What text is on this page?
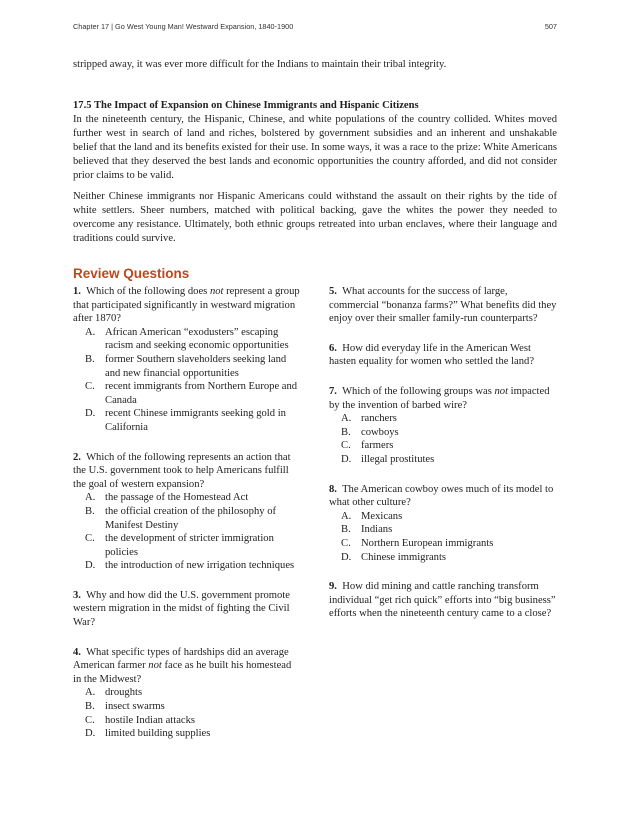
Chapter 17 | Go West Young Man! Westward Expansion, 1840-1900	507

stripped away, it was ever more difficult for the Indians to maintain their tribal integrity.

17.5 The Impact of Expansion on Chinese Immigrants and Hispanic Citizens

In the nineteenth century, the Hispanic, Chinese, and white populations of the country collided. Whites moved further west in search of land and riches, bolstered by government subsidies and an inherent and unshakable belief that the land and its benefits existed for their use. In some ways, it was a race to the prize: White Americans believed that they deserved the best lands and economic opportunities the country afforded, and did not consider prior claims to be valid.

Neither Chinese immigrants nor Hispanic Americans could withstand the assault on their rights by the tide of white settlers. Sheer numbers, matched with political backing, gave the whites the power they needed to overcome any resistance. Ultimately, both ethnic groups retreated into urban enclaves, where their language and traditions could survive.

Review Questions

1. Which of the following does not represent a group that participated significantly in westward migration after 1870?

A. African American “exodusters” escaping racism and seeking economic opportunities
B. former Southern slaveholders seeking land and new financial opportunities
C. recent immigrants from Northern Europe and Canada
D. recent Chinese immigrants seeking gold in California

2. Which of the following represents an action that the U.S. government took to help Americans fulfill the goal of western expansion?

A. the passage of the Homestead Act
B. the official creation of the philosophy of Manifest Destiny
C. the development of stricter immigration policies
D. the introduction of new irrigation techniques

3. Why and how did the U.S. government promote western migration in the midst of fighting the Civil War?

4. What specific types of hardships did an average American farmer not face as he built his homestead in the Midwest?

A. droughts
B. insect swarms
C. hostile Indian attacks
D. limited building supplies

5. What accounts for the success of large, commercial “bonanza farms?” What benefits did they enjoy over their smaller family-run counterparts?

6. How did everyday life in the American West hasten equality for women who settled the land?

7. Which of the following groups was not impacted by the invention of barbed wire?

A. ranchers
B. cowboys
C. farmers
D. illegal prostitutes

8. The American cowboy owes much of its model to what other culture?

A. Mexicans
B. Indians
C. Northern European immigrants
D. Chinese immigrants

9. How did mining and cattle ranching transform individual “get rich quick” efforts into “big business” efforts when the nineteenth century came to a close?
